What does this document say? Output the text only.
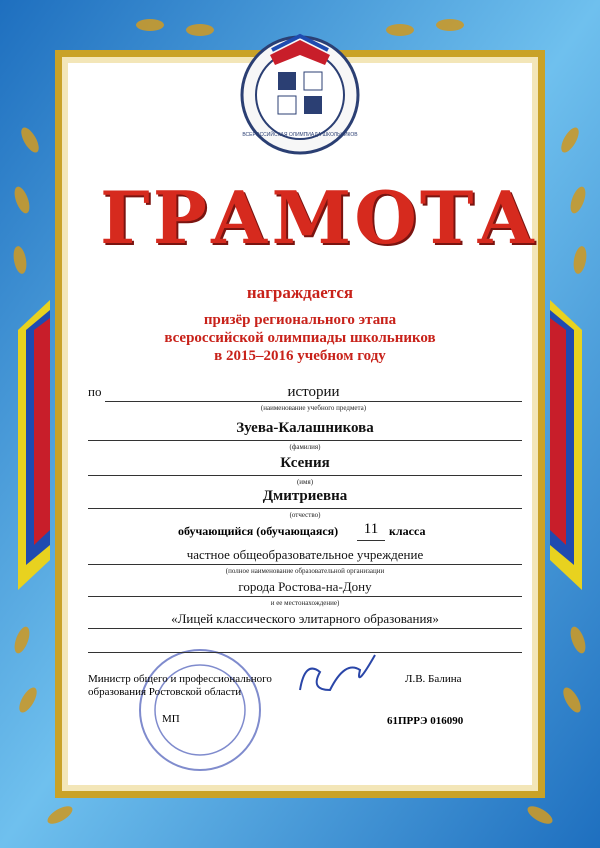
ВСЕРОССИЙСКАЯ ОЛИМПИАДА ШКОЛЬНИКОВ
ГРАМОТА
награждается
призёр регионального этапа
всероссийской олимпиады школьников
в 2015–2016 учебном году
по	истории
(наименование учебного предмета)
Зуева-Калашникова
(фамилия)
Ксения
(имя)
Дмитриевна
(отчество)
обучающийся (обучающаяся)	11 класса
частное общеобразовательное учреждение
(полное наименование образовательной организации
города Ростова-на-Дону
и ее местонахождение)
«Лицей классического элитарного образования»
Министр общего и профессионального
образования Ростовской области
Л.В. Балина
МП	61ПРРЭ 016090
